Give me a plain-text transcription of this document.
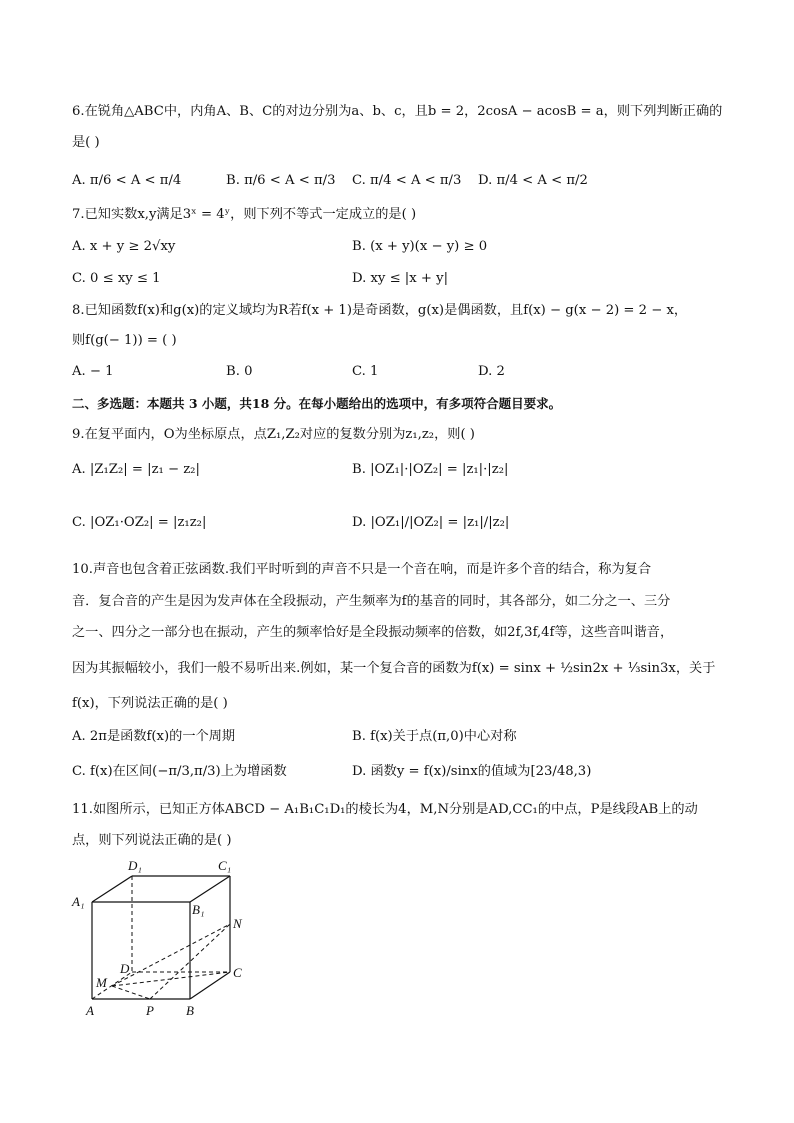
6.在锐角△ABC中，内角A、B、C的对边分别为a、b、c，且b = 2，2cosA − acosB = a，则下列判断正确的
是( )
A. π/6 < A < π/4	B. π/6 < A < π/3 C. π/4 < A < π/3 D. π/4 < A < π/2
7.已知实数x,y满足3ˣ = 4ʸ，则下列不等式一定成立的是( )
A. x + y ≥ 2√xy	B. (x + y)(x − y) ≥ 0
C. 0 ≤ xy ≤ 1	D. xy ≤ |x + y|
8.已知函数f(x)和g(x)的定义域均为R若f(x + 1)是奇函数，g(x)是偶函数，且f(x) − g(x − 2) = 2 − x，
则f(g(− 1)) = ( )
A. − 1	B. 0	C. 1	D. 2
二、多选题：本题共 3 小题，共18 分。在每小题给出的选项中，有多项符合题目要求。
9.在复平面内，O为坐标原点，点Z₁,Z₂对应的复数分别为z₁,z₂，则( )
A. |Z₁Z₂| = |z₁ − z₂|	B. |OZ₁|·|OZ₂| = |z₁|·|z₂|
C. |OZ₁·OZ₂| = |z₁z₂|	D. |OZ₁|/|OZ₂| = |z₁|/|z₂|
10.声音也包含着正弦函数.我们平时听到的声音不只是一个音在响，而是许多个音的结合，称为复合
音．复合音的产生是因为发声体在全段振动，产生频率为f的基音的同时，其各部分，如二分之一、三分
之一、四分之一部分也在振动，产生的频率恰好是全段振动频率的倍数，如2f,3f,4f等，这些音叫谐音，
因为其振幅较小，我们一般不易听出来.例如，某一个复合音的函数为f(x) = sinx + ½sin2x + ⅓sin3x，关于
f(x)，下列说法正确的是( )
A. 2π是函数f(x)的一个周期	B. f(x)关于点(π,0)中心对称
C. f(x)在区间(−π/3,π/3)上为增函数	D. 函数y = f(x)/sinx的值域为[23/48,3)
11.如图所示，已知正方体ABCD − A₁B₁C₁D₁的棱长为4，M,N分别是AD,CC₁的中点，P是线段AB上的动
点，则下列说法正确的是( )
D₁	C₁
A₁
B₁
N
D	C
M
A	P B
